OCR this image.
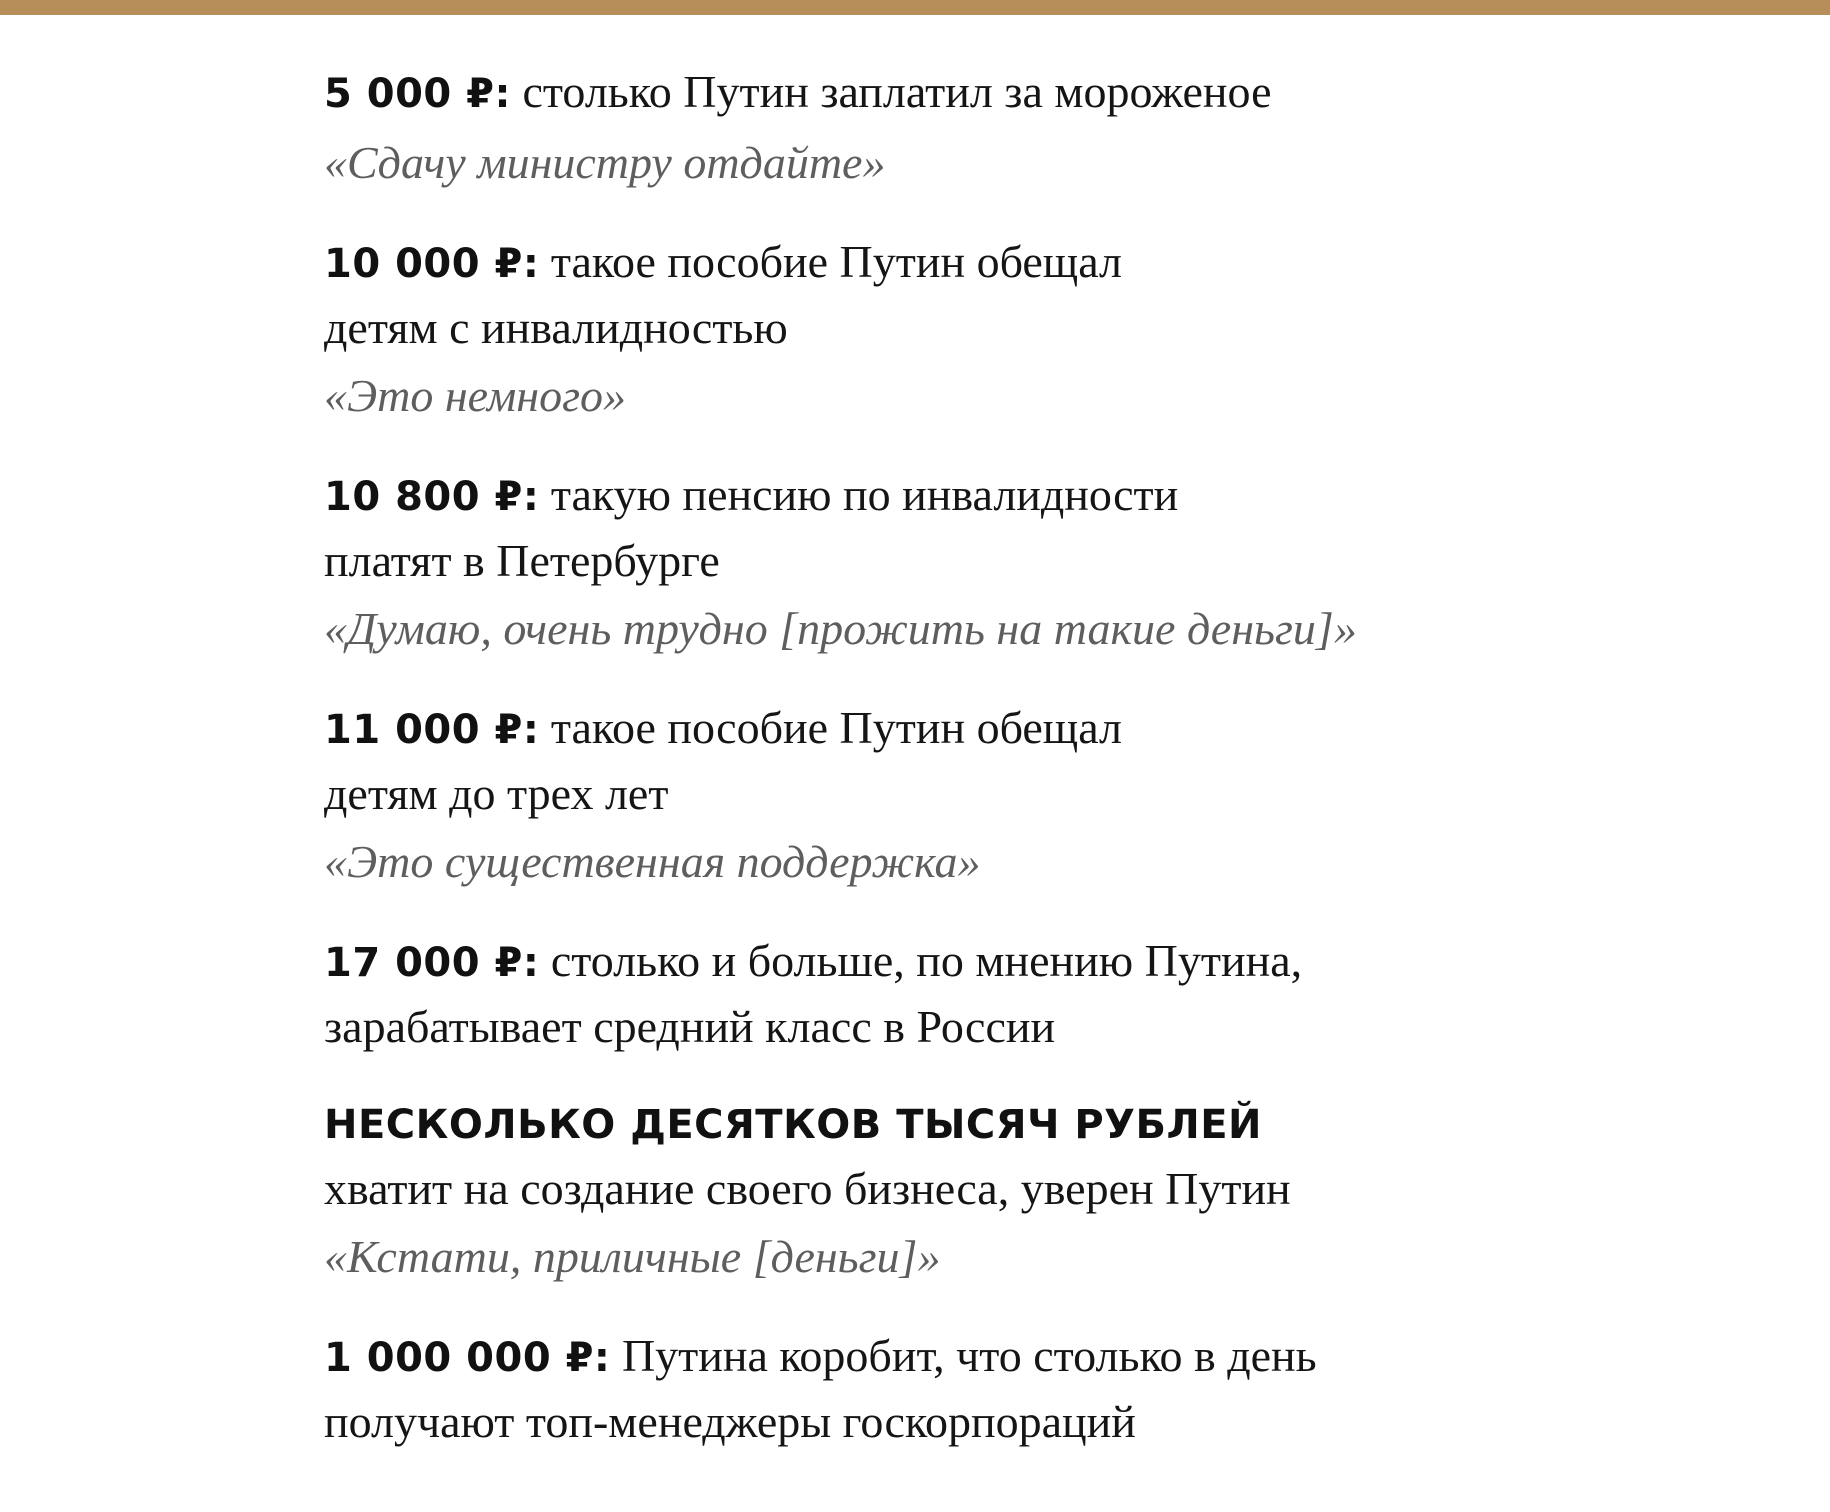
5 000 ₽: столько Путин заплатил за мороженое
«Сдачу министру отдайте»
10 000 ₽: такое пособие Путин обещал
детям с инвалидностью
«Это немного»
10 800 ₽: такую пенсию по инвалидности
платят в Петербурге
«Думаю, очень трудно [прожить на такие деньги]»
11 000 ₽: такое пособие Путин обещал
детям до трех лет
«Это существенная поддержка»
17 000 ₽: столько и больше, по мнению Путина,
зарабатывает средний класс в России
НЕСКОЛЬКО ДЕСЯТКОВ ТЫСЯЧ РУБЛЕЙ
хватит на создание своего бизнеса, уверен Путин
«Кстати, приличные [деньги]»
1 000 000 ₽: Путина коробит, что столько в день
получают топ-менеджеры госкорпораций
